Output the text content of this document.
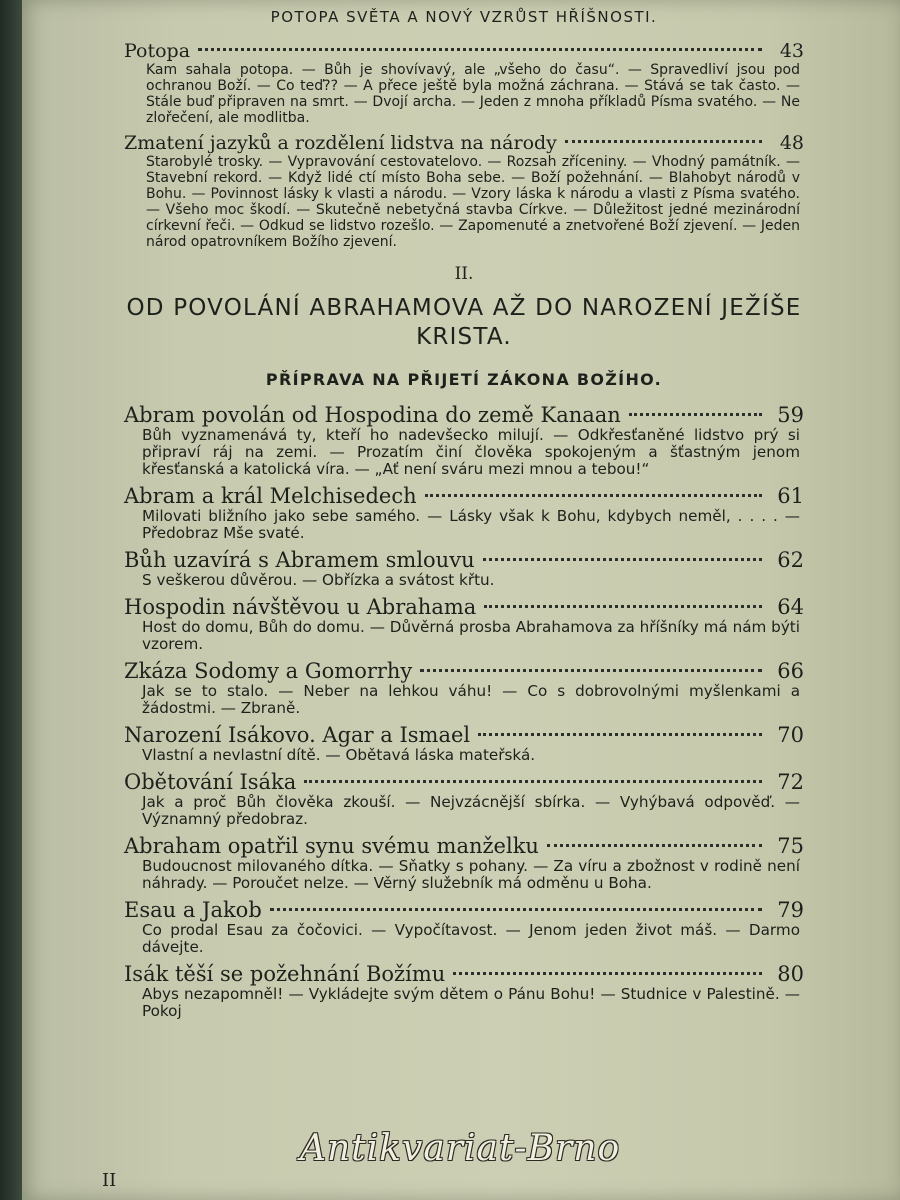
POTOPA SVĚTA A NOVÝ VZRŮST HŘÍŠNOSTI.
Potopa	43
Kam sahala potopa. — Bůh je shovívavý, ale „všeho do času“. — Spravedliví jsou pod ochranou Boží. — Co teď?? — A přece ještě byla možná záchrana. — Stává se tak často. — Stále buď připraven na smrt. — Dvojí archa. — Jeden z mnoha příkladů Písma svatého. — Ne zlořečení, ale modlitba.
Zmatení jazyků a rozdělení lidstva na národy	48
Starobylé trosky. — Vypravování cestovatelovo. — Rozsah zříceniny. — Vhodný památník. — Stavební rekord. — Když lidé ctí místo Boha sebe. — Boží požehnání. — Blahobyt národů v Bohu. — Povinnost lásky k vlasti a národu. — Vzory láska k národu a vlasti z Písma svatého. — Všeho moc škodí. — Skutečně nebetyčná stavba Církve. — Důležitost jedné mezinárodní církevní řeči. — Odkud se lidstvo rozešlo. — Zapomenuté a znetvořené Boží zjevení. — Jeden národ opatrovníkem Božího zjevení.
II.
OD POVOLÁNÍ ABRAHAMOVA AŽ DO NAROZENÍ JEŽÍŠE KRISTA.
PŘÍPRAVA NA PŘIJETÍ ZÁKONA BOŽÍHO.
Abram povolán od Hospodina do země Kanaan	59
Bůh vyznamenává ty, kteří ho nadevšecko milují. — Odkřesťaněné lidstvo prý si připraví ráj na zemi. — Prozatím činí člověka spokojeným a šťastným jenom křesťanská a katolická víra. — „Ať není sváru mezi mnou a tebou!“
Abram a král Melchisedech	61
Milovati bližního jako sebe samého. — Lásky však k Bohu, kdybych neměl, . . . . — Předobraz Mše svaté.
Bůh uzavírá s Abramem smlouvu	62
S veškerou důvěrou. — Obřízka a svátost křtu.
Hospodin návštěvou u Abrahama	64
Host do domu, Bůh do domu. — Důvěrná prosba Abrahamova za hříšníky má nám býti vzorem.
Zkáza Sodomy a Gomorrhy	66
Jak se to stalo. — Neber na lehkou váhu! — Co s dobrovolnými myšlenkami a žádostmi. — Zbraně.
Narození Isákovo. Agar a Ismael	70
Vlastní a nevlastní dítě. — Obětavá láska mateřská.
Obětování Isáka	72
Jak a proč Bůh člověka zkouší. — Nejvzácnější sbírka. — Vyhýbavá odpověď. — Významný předobraz.
Abraham opatřil synu svému manželku	75
Budoucnost milovaného dítka. — Sňatky s pohany. — Za víru a zbožnost v rodině není náhrady. — Poroučet nelze. — Věrný služebník má odměnu u Boha.
Esau a Jakob	79
Co prodal Esau za čočovici. — Vypočítavost. — Jenom jeden život máš. — Darmo dávejte.
Isák těší se požehnání Božímu	80
Abys nezapomněl! — Vykládejte svým dětem o Pánu Bohu! — Studnice v Palestině. — Pokoj
II
Antikvariat-Brno
